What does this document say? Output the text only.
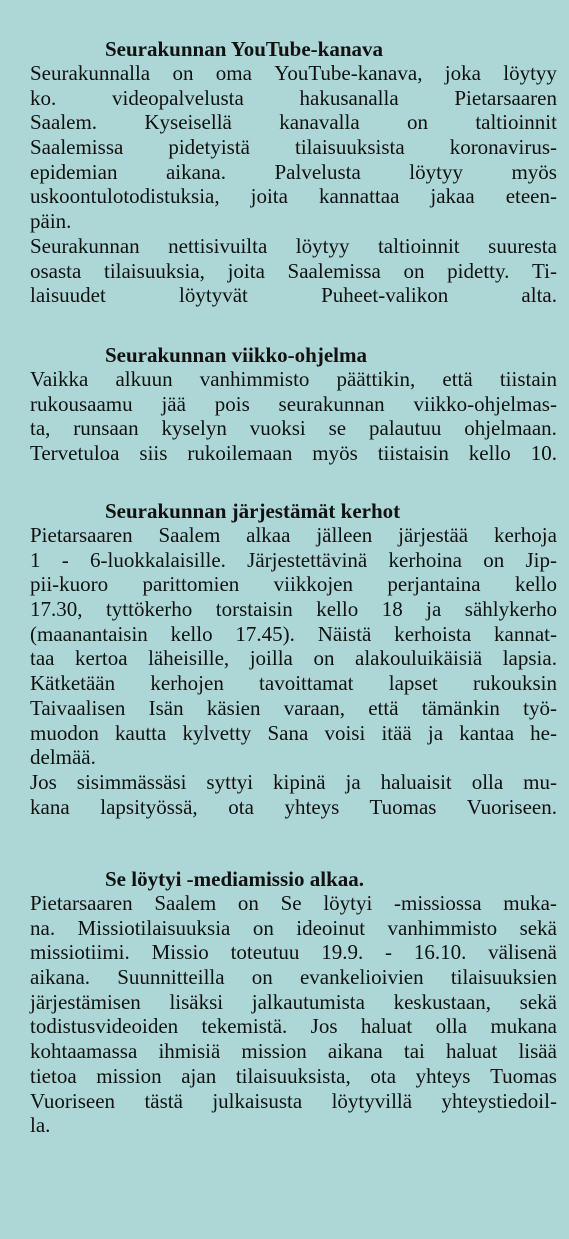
Seurakunnan YouTube-kanava
Seurakunnalla on oma YouTube-kanava, joka löytyy
ko.	videopalvelusta	hakusanalla	Pietarsaaren
Saalem. Kyseisellä kanavalla on taltioinnit
Saalemissa pidetyistä tilaisuuksista koronavirus-
epidemian aikana. Palvelusta löytyy myös
uskoontulotodistuksia, joita kannattaa jakaa eteen-
päin.
Seurakunnan nettisivuilta löytyy taltioinnit suuresta
osasta tilaisuuksia, joita Saalemissa on pidetty. Ti-
laisuudet löytyvät Puheet-valikon alta.
Seurakunnan viikko-ohjelma
Vaikka alkuun vanhimmisto päättikin, että tiistain
rukousaamu jää pois seurakunnan viikko-ohjelmas-
ta, runsaan kyselyn vuoksi se palautuu ohjelmaan.
Tervetuloa siis rukoilemaan myös tiistaisin kello 10.
Seurakunnan järjestämät kerhot
Pietarsaaren Saalem alkaa jälleen järjestää kerhoja
1 - 6-luokkalaisille. Järjestettävinä kerhoina on Jip-
pii-kuoro parittomien viikkojen perjantaina kello
17.30, tyttökerho torstaisin kello 18 ja sählykerho
(maanantaisin kello 17.45). Näistä kerhoista kannat-
taa kertoa läheisille, joilla on alakouluikäisiä lapsia.
Kätketään kerhojen tavoittamat lapset rukouksin
Taivaalisen Isän käsien varaan, että tämänkin työ-
muodon kautta kylvetty Sana voisi itää ja kantaa he-
delmää.
Jos sisimmässäsi syttyi kipinä ja haluaisit olla mu-
kana lapsityössä, ota yhteys Tuomas Vuoriseen.
Se löytyi -mediamissio alkaa.
Pietarsaaren Saalem on Se löytyi -missiossa muka-
na. Missiotilaisuuksia on ideoinut vanhimmisto sekä
missiotiimi. Missio toteutuu 19.9. - 16.10. välisenä
aikana. Suunnitteilla on evankelioivien tilaisuuksien
järjestämisen lisäksi jalkautumista keskustaan, sekä
todistusvideoiden tekemistä. Jos haluat olla mukana
kohtaamassa ihmisiä mission aikana tai haluat lisää
tietoa mission ajan tilaisuuksista, ota yhteys Tuomas
Vuoriseen tästä julkaisusta löytyvillä yhteystiedoil-
la.
